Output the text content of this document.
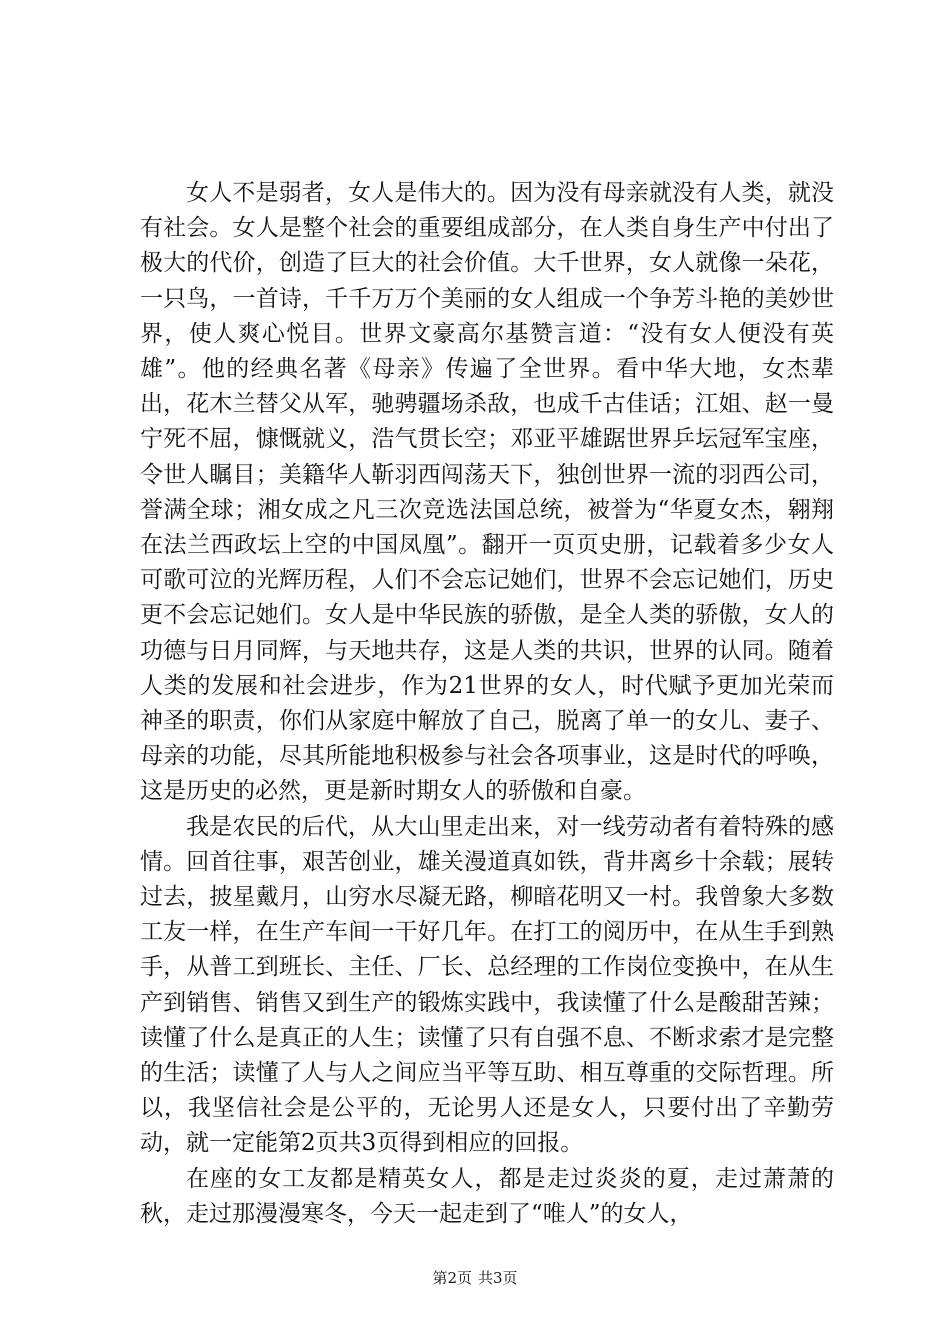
女人不是弱者，女人是伟大的。因为没有母亲就没有人类，就没有社会。女人是整个社会的重要组成部分，在人类自身生产中付出了极大的代价，创造了巨大的社会价值。大千世界，女人就像一朵花，一只鸟，一首诗，千千万万个美丽的女人组成一个争芳斗艳的美妙世界，使人爽心悦目。世界文豪高尔基赞言道：“没有女人便没有英雄”。他的经典名著《母亲》传遍了全世界。看中华大地，女杰辈出，花木兰替父从军，驰骋疆场杀敌，也成千古佳话；江姐、赵一曼宁死不屈，慷慨就义，浩气贯长空；邓亚平雄踞世界乒坛冠军宝座，令世人瞩目；美籍华人靳羽西闯荡天下，独创世界一流的羽西公司，誉满全球；湘女成之凡三次竞选法国总统，被誉为“华夏女杰，翱翔在法兰西政坛上空的中国凤凰”。翻开一页页史册，记载着多少女人可歌可泣的光辉历程，人们不会忘记她们，世界不会忘记她们，历史更不会忘记她们。女人是中华民族的骄傲，是全人类的骄傲，女人的功德与日月同辉，与天地共存，这是人类的共识，世界的认同。随着人类的发展和社会进步，作为21世界的女人，时代赋予更加光荣而神圣的职责，你们从家庭中解放了自己，脱离了单一的女儿、妻子、母亲的功能，尽其所能地积极参与社会各项事业，这是时代的呼唤，这是历史的必然，更是新时期女人的骄傲和自豪。

我是农民的后代，从大山里走出来，对一线劳动者有着特殊的感情。回首往事，艰苦创业，雄关漫道真如铁，背井离乡十余载；展转过去，披星戴月，山穷水尽凝无路，柳暗花明又一村。我曾象大多数工友一样，在生产车间一干好几年。在打工的阅历中，在从生手到熟手，从普工到班长、主任、厂长、总经理的工作岗位变换中，在从生产到销售、销售又到生产的锻炼实践中，我读懂了什么是酸甜苦辣；读懂了什么是真正的人生；读懂了只有自强不息、不断求索才是完整的生活；读懂了人与人之间应当平等互助、相互尊重的交际哲理。所以，我坚信社会是公平的，无论男人还是女人，只要付出了辛勤劳动，就一定能第2页共3页得到相应的回报。

在座的女工友都是精英女人，都是走过炎炎的夏，走过萧萧的秋，走过那漫漫寒冬，今天一起走到了“唯人”的女人，

第2页 共3页
